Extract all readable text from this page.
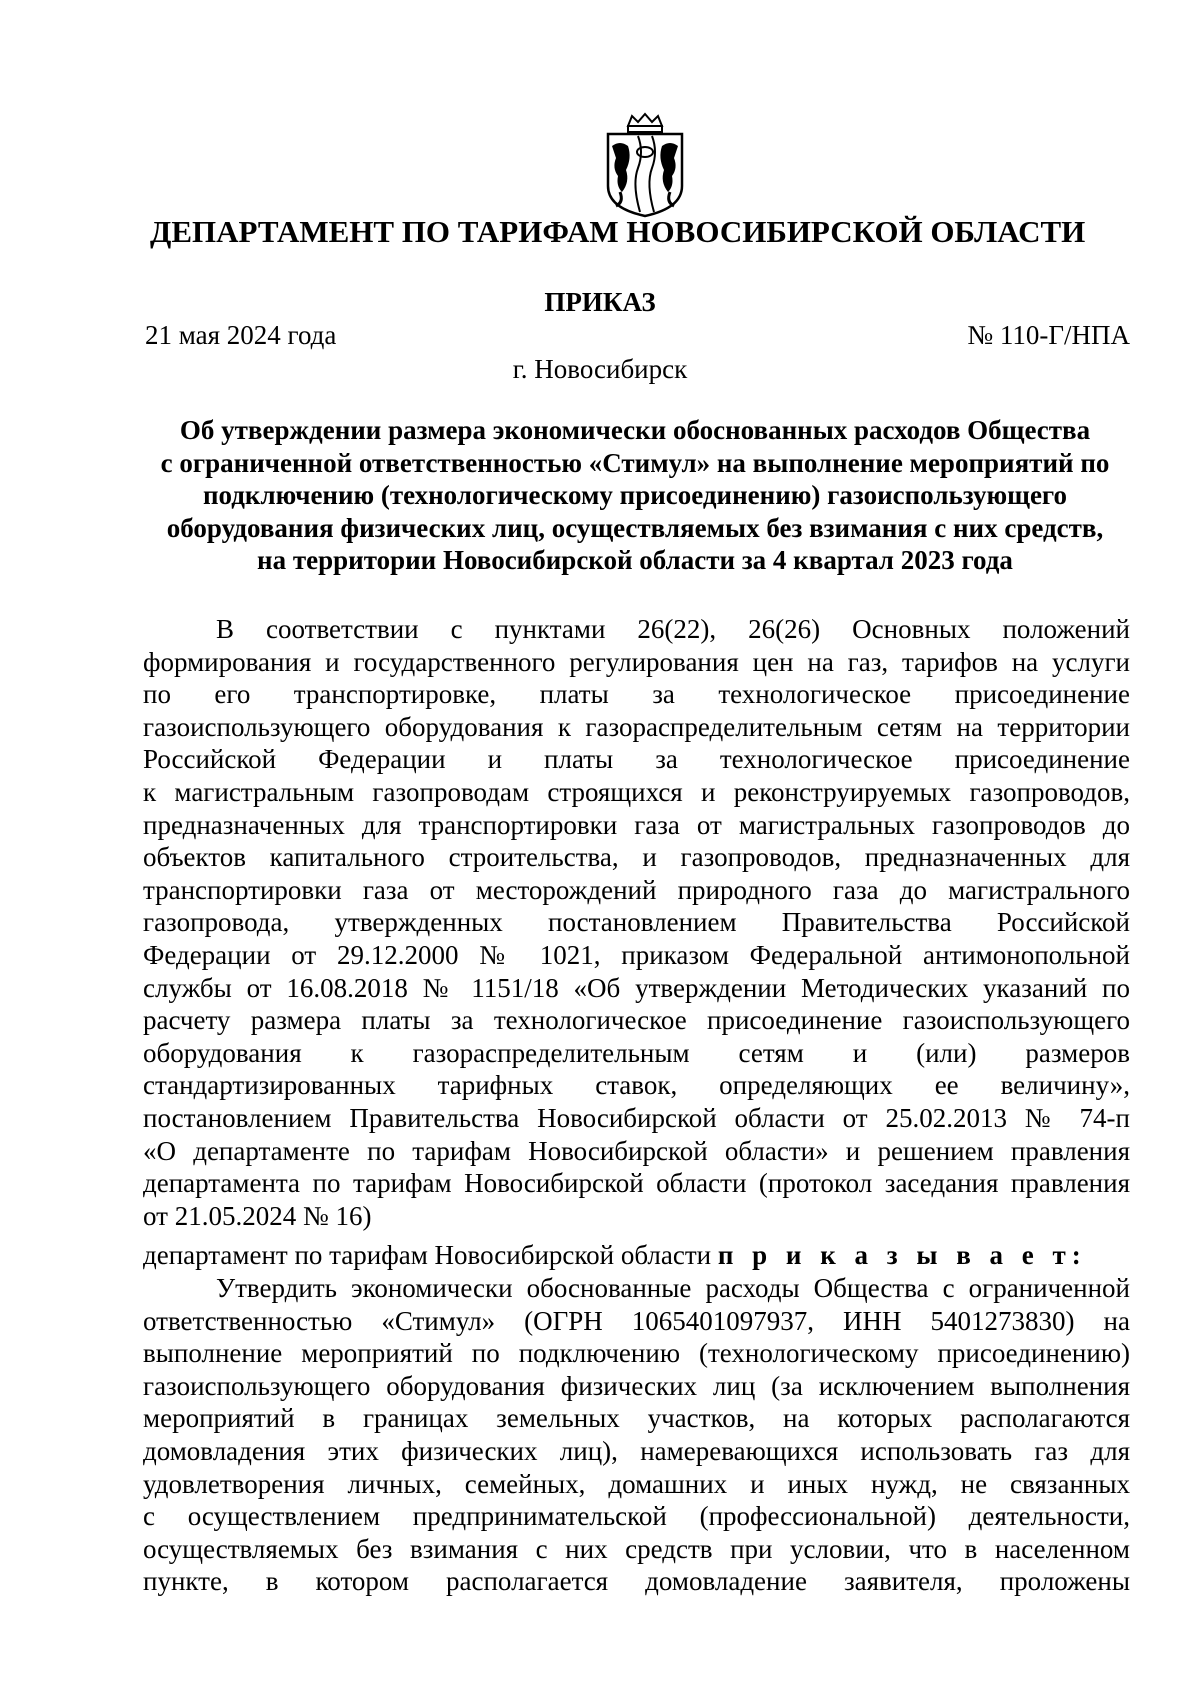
ДЕПАРТАМЕНТ ПО ТАРИФАМ НОВОСИБИРСКОЙ ОБЛАСТИ
ПРИКАЗ
21 мая 2024 года	№ 110-Г/НПА
г. Новосибирск
Об утверждении размера экономически обоснованных расходов Общества
с ограниченной ответственностью «Стимул» на выполнение мероприятий по
подключению (технологическому присоединению) газоиспользующего
оборудования физических лиц, осуществляемых без взимания с них средств,
на территории Новосибирской области за 4 квартал 2023 года
В соответствии с пунктами 26(22), 26(26) Основных положений
формирования и государственного регулирования цен на газ, тарифов на услуги
по его транспортировке, платы за технологическое присоединение
газоиспользующего оборудования к газораспределительным сетям на территории
Российской Федерации и платы за технологическое присоединение
к магистральным газопроводам строящихся и реконструируемых газопроводов,
предназначенных для транспортировки газа от магистральных газопроводов до
объектов капитального строительства, и газопроводов, предназначенных для
транспортировки газа от месторождений природного газа до магистрального
газопровода, утвержденных постановлением Правительства Российской
Федерации от 29.12.2000 № 1021, приказом Федеральной антимонопольной
службы от 16.08.2018 № 1151/18 «Об утверждении Методических указаний по
расчету размера платы за технологическое присоединение газоиспользующего
оборудования к газораспределительным сетям и (или) размеров
стандартизированных тарифных ставок, определяющих ее величину»,
постановлением Правительства Новосибирской области от 25.02.2013 № 74-п
«О департаменте по тарифам Новосибирской области» и решением правления
департамента по тарифам Новосибирской области (протокол заседания правления
от 21.05.2024 № 16)
департамент по тарифам Новосибирской области п р и к а з ы в а е т:
Утвердить экономически обоснованные расходы Общества с ограниченной
ответственностью «Стимул» (ОГРН 1065401097937, ИНН 5401273830) на
выполнение мероприятий по подключению (технологическому присоединению)
газоиспользующего оборудования физических лиц (за исключением выполнения
мероприятий в границах земельных участков, на которых располагаются
домовладения этих физических лиц), намеревающихся использовать газ для
удовлетворения личных, семейных, домашних и иных нужд, не связанных
с осуществлением предпринимательской (профессиональной) деятельности,
осуществляемых без взимания с них средств при условии, что в населенном
пункте, в котором располагается домовладение заявителя, проложены
